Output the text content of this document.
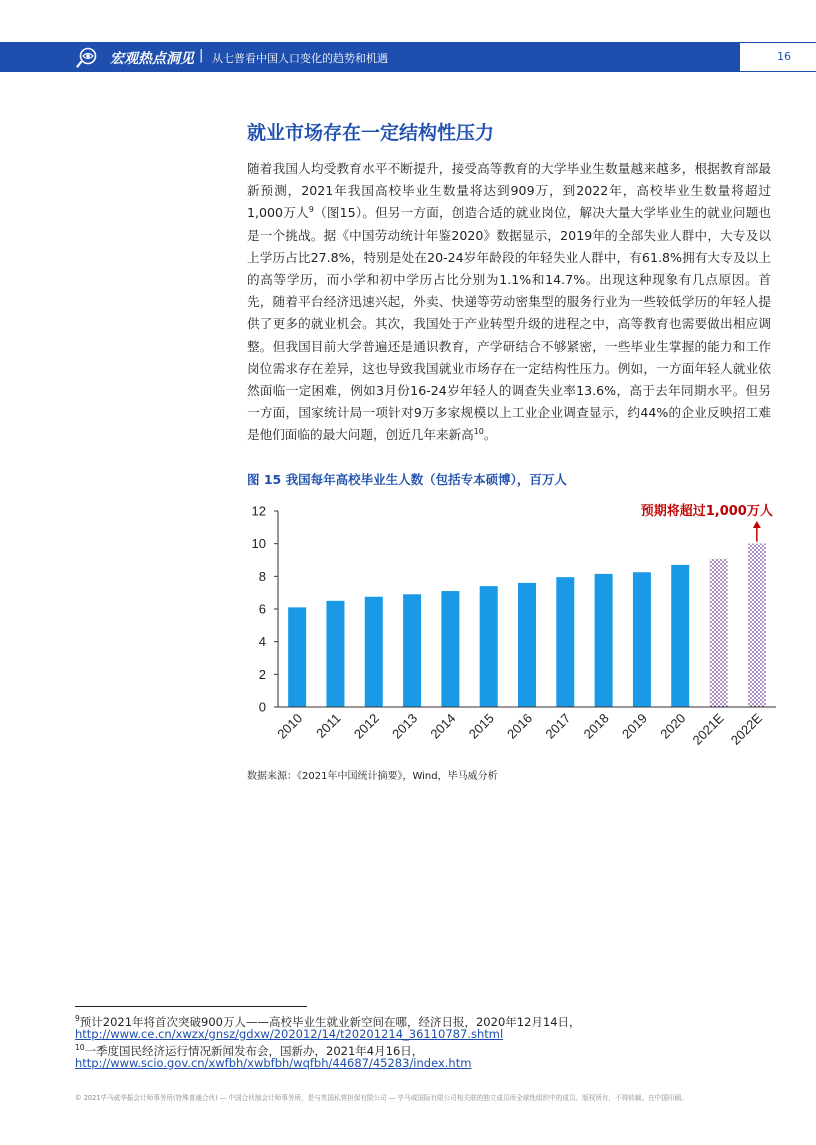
宏观热点洞见 | 从七普看中国人口变化的趋势和机遇	16
就业市场存在一定结构性压力
随着我国人均受教育水平不断提升，接受高等教育的大学毕业生数量越来越多，根据教育部最新预测，2021年我国高校毕业生数量将达到909万，到2022年，高校毕业生数量将超过1,000万人$^9$（图15）。但另一方面，创造合适的就业岗位，解决大量大学毕业生的就业问题也是一个挑战。据《中国劳动统计年鉴2020》数据显示，2019年的全部失业人群中，大专及以上学历占比27.8%，特别是处在20-24岁年龄段的年轻失业人群中，有61.8%拥有大专及以上的高等学历，而小学和初中学历占比分别为1.1%和14.7%。出现这种现象有几点原因。首先，随着平台经济迅速兴起，外卖、快递等劳动密集型的服务行业为一些较低学历的年轻人提供了更多的就业机会。其次，我国处于产业转型升级的进程之中，高等教育也需要做出相应调整。但我国目前大学普遍还是通识教育，产学研结合不够紧密，一些毕业生掌握的能力和工作岗位需求存在差异，这也导致我国就业市场存在一定结构性压力。例如，一方面年轻人就业依然面临一定困难，例如3月份16-24岁年轻人的调查失业率13.6%，高于去年同期水平。但另一方面，国家统计局一项针对9万多家规模以上工业企业调查显示，约44%的企业反映招工难是他们面临的最大问题，创近几年来新高$^{10}$。
图 15 我国每年高校毕业生人数（包括专本硕博），百万人
0
2
4
6
8
10
12
2010 2011 2012 2013 2014 2015 2016 2017 2018 2019 2020 2021E 2022E
预期将超过1,000万人
数据来源：《2021年中国统计摘要》，Wind，毕马威分析
$^9$预计2021年将首次突破900万人——高校毕业生就业新空间在哪，经济日报，2020年12月14日，
http://www.ce.cn/xwzx/gnsz/gdxw/202012/14/t20201214_36110787.shtml
$^{10}$一季度国民经济运行情况新闻发布会，国新办，2021年4月16日，
http://www.scio.gov.cn/xwfbh/xwbfbh/wqfbh/44687/45283/index.htm
© 2021毕马威华振会计师事务所(特殊普通合伙) — 中国合伙制会计师事务所，是与英国私营担保有限公司 — 毕马威国际有限公司相关联的独立成员所全球性组织中的成员。版权所有，不得转载。在中国印刷。
